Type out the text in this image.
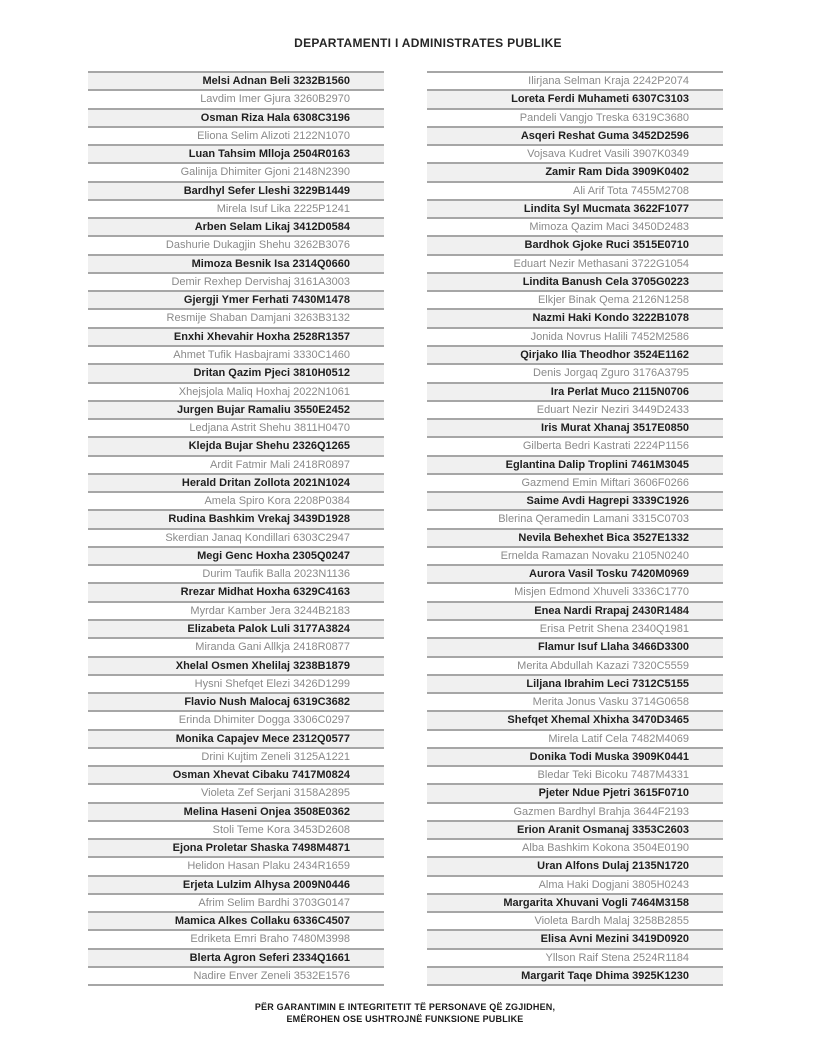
DEPARTAMENTI I ADMINISTRATES PUBLIKE
Melsi Adnan Beli 3232B1560
Lavdim Imer Gjura 3260B2970
Osman Riza Hala 6308C3196
Eliona Selim Alizoti 2122N1070
Luan Tahsim Mlloja 2504R0163
Galinija Dhimiter Gjoni 2148N2390
Bardhyl Sefer Lleshi 3229B1449
Mirela Isuf Lika 2225P1241
Arben Selam Likaj 3412D0584
Dashurie Dukagjin Shehu 3262B3076
Mimoza Besnik Isa 2314Q0660
Demir Rexhep Dervishaj 3161A3003
Gjergji Ymer Ferhati 7430M1478
Resmije Shaban Damjani 3263B3132
Enxhi Xhevahir Hoxha 2528R1357
Ahmet Tufik Hasbajrami 3330C1460
Dritan Qazim Pjeci 3810H0512
Xhejsjola Maliq Hoxhaj 2022N1061
Jurgen Bujar Ramaliu 3550E2452
Ledjana Astrit Shehu 3811H0470
Klejda Bujar Shehu 2326Q1265
Ardit Fatmir Mali 2418R0897
Herald Dritan Zollota 2021N1024
Amela Spiro Kora 2208P0384
Rudina Bashkim Vrekaj 3439D1928
Skerdian Janaq Kondillari 6303C2947
Megi Genc Hoxha 2305Q0247
Durim Taufik Balla 2023N1136
Rrezar Midhat Hoxha 6329C4163
Myrdar Kamber Jera 3244B2183
Elizabeta Palok Luli 3177A3824
Miranda Gani Allkja 2418R0877
Xhelal Osmen Xhelilaj 3238B1879
Hysni Shefqet Elezi 3426D1299
Flavio Nush Malocaj 6319C3682
Erinda Dhimiter Dogga 3306C0297
Monika Capajev Mece 2312Q0577
Drini Kujtim Zeneli 3125A1221
Osman Xhevat Cibaku 7417M0824
Violeta Zef Serjani 3158A2895
Melina Haseni Onjea 3508E0362
Stoli Teme Kora 3453D2608
Ejona Proletar Shaska 7498M4871
Helidon Hasan Plaku 2434R1659
Erjeta Lulzim Alhysa 2009N0446
Afrim Selim Bardhi 3703G0147
Mamica Alkes Collaku 6336C4507
Edriketa Emri Braho 7480M3998
Blerta Agron Seferi 2334Q1661
Nadire Enver Zeneli 3532E1576
Ilirjana Selman Kraja 2242P2074
Loreta Ferdi Muhameti 6307C3103
Pandeli Vangjo Treska 6319C3680
Asqeri Reshat Guma 3452D2596
Vojsava Kudret Vasili 3907K0349
Zamir Ram Dida 3909K0402
Ali Arif Tota 7455M2708
Lindita Syl Mucmata 3622F1077
Mimoza Qazim Maci 3450D2483
Bardhok Gjoke Ruci 3515E0710
Eduart Nezir Methasani 3722G1054
Lindita Banush Cela 3705G0223
Elkjer Binak Qema 2126N1258
Nazmi Haki Kondo 3222B1078
Jonida Novrus Halili 7452M2586
Qirjako Ilia Theodhor 3524E1162
Denis Jorgaq Zguro 3176A3795
Ira Perlat Muco 2115N0706
Eduart Nezir Neziri 3449D2433
Iris Murat Xhanaj 3517E0850
Gilberta Bedri Kastrati 2224P1156
Eglantina Dalip Troplini 7461M3045
Gazmend Emin Miftari 3606F0266
Saime Avdi Hagrepi 3339C1926
Blerina Qeramedin Lamani 3315C0703
Nevila Behexhet Bica 3527E1332
Ernelda Ramazan Novaku 2105N0240
Aurora Vasil Tosku 7420M0969
Misjen Edmond Xhuveli 3336C1770
Enea Nardi Rrapaj 2430R1484
Erisa Petrit Shena 2340Q1981
Flamur Isuf Llaha 3466D3300
Merita Abdullah Kazazi 7320C5559
Liljana Ibrahim Leci 7312C5155
Merita Jonus Vasku 3714G0658
Shefqet Xhemal Xhixha 3470D3465
Mirela Latif Cela 7482M4069
Donika Todi Muska 3909K0441
Bledar Teki Bicoku 7487M4331
Pjeter Ndue Pjetri 3615F0710
Gazmen Bardhyl Brahja 3644F2193
Erion Aranit Osmanaj 3353C2603
Alba Bashkim Kokona 3504E0190
Uran Alfons Dulaj 2135N1720
Alma Haki Dogjani 3805H0243
Margarita Xhuvani Vogli 7464M3158
Violeta Bardh Malaj 3258B2855
Elisa Avni Mezini 3419D0920
Yllson Raif Stena 2524R1184
Margarit Taqe Dhima 3925K1230
PËR GARANTIMIN E INTEGRITETIT TË PERSONAVE QË ZGJIDHEN,
EMËROHEN OSE USHTROJNË FUNKSIONE PUBLIKE
